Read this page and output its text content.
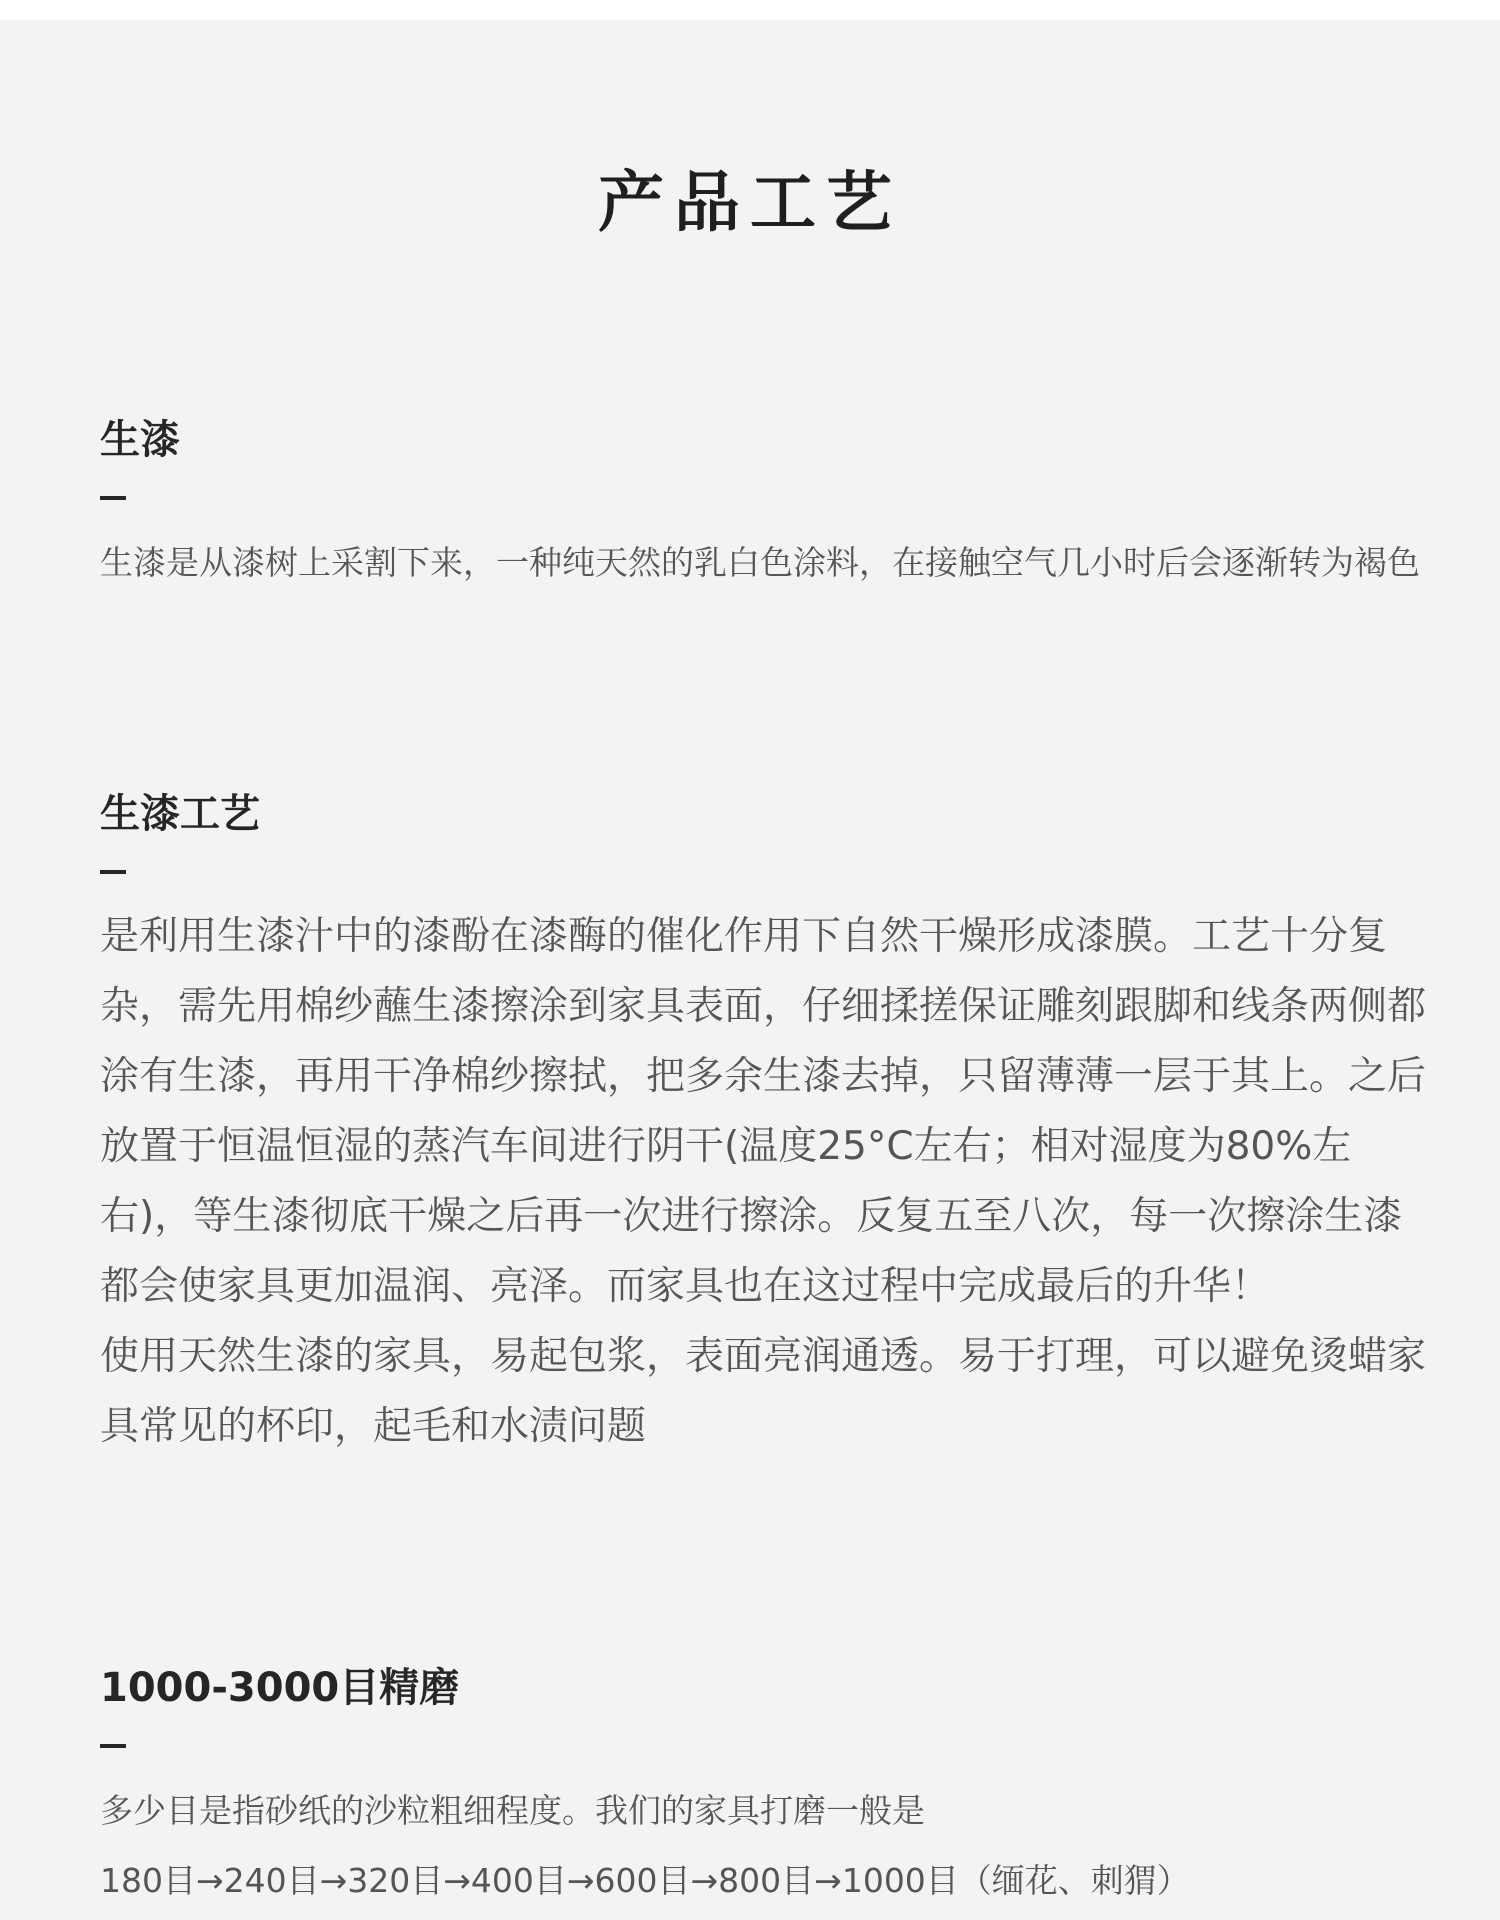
产品工艺
生漆

生漆是从漆树上采割下来，一种纯天然的乳白色涂料，在接触空气几小时后会逐渐转为褐色

生漆工艺

是利用生漆汁中的漆酚在漆酶的催化作用下自然干燥形成漆膜。工艺十分复杂，需先用棉纱蘸生漆擦涂到家具表面，仔细揉搓保证雕刻跟脚和线条两侧都涂有生漆，再用干净棉纱擦拭，把多余生漆去掉，只留薄薄一层于其上。之后放置于恒温恒湿的蒸汽车间进行阴干(温度25°C左右；相对湿度为80%左右)，等生漆彻底干燥之后再一次进行擦涂。反复五至八次，每一次擦涂生漆都会使家具更加温润、亮泽。而家具也在这过程中完成最后的升华！
使用天然生漆的家具，易起包浆，表面亮润通透。易于打理，可以避免烫蜡家具常见的杯印，起毛和水渍问题

1000-3000目精磨

多少目是指砂纸的沙粒粗细程度。我们的家具打磨一般是
180目→240目→320目→400目→600目→800目→1000目（缅花、刺猬）
